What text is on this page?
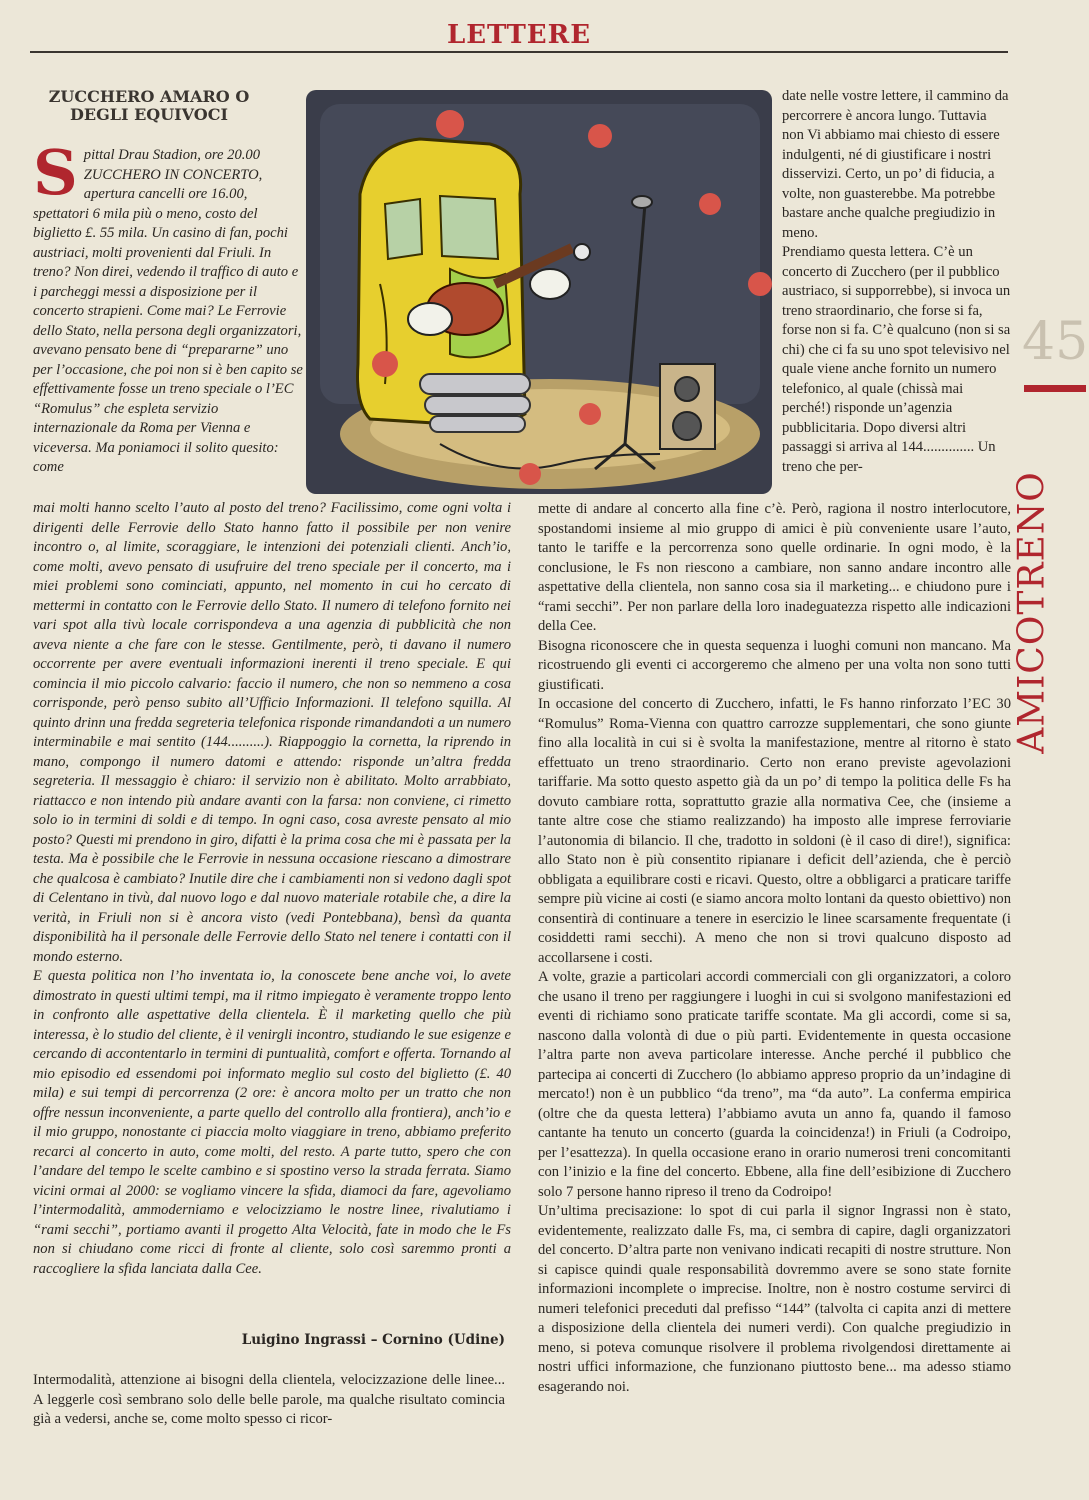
LETTERE
ZUCCHERO AMARO O DEGLI EQUIVOCI
Spittal Drau Stadion, ore 20.00 ZUCCHERO IN CONCERTO, apertura cancelli ore 16.00, spettatori 6 mila più o meno, costo del biglietto £. 55 mila. Un casino di fan, pochi austriaci, molti provenienti dal Friuli. In treno? Non direi, vedendo il traffico di auto e i parcheggi messi a disposizione per il concerto strapieni. Come mai? Le Ferrovie dello Stato, nella persona degli organizzatori, avevano pensato bene di “prepararne” uno per l’occasione, che poi non si è ben capito se effettivamente fosse un treno speciale o l’EC “Romulus” che espleta servizio internazionale da Roma per Vienna e viceversa. Ma poniamoci il solito quesito: come

date nelle vostre lettere, il cammino da percorrere è ancora lungo. Tuttavia non Vi abbiamo mai chiesto di essere indulgenti, né di giustificare i nostri disservizi. Certo, un po’ di fiducia, a volte, non guasterebbe. Ma potrebbe bastare anche qualche pregiudizio in meno.

Prendiamo questa lettera. C’è un concerto di Zucchero (per il pubblico austriaco, si supporrebbe), si invoca un treno straordinario, che forse si fa, forse non si fa. C’è qualcuno (non si sa chi) che ci fa su uno spot televisivo nel quale viene anche fornito un numero telefonico, al quale (chissà mai perché!) risponde un’agenzia pubblicitaria. Dopo diversi altri passaggi si arriva al 144.............. Un treno che per-

mai molti hanno scelto l’auto al posto del treno? Facilissimo, come ogni volta i dirigenti delle Ferrovie dello Stato hanno fatto il possibile per non venire incontro o, al limite, scoraggiare, le intenzioni dei potenziali clienti. Anch’io, come molti, avevo pensato di usufruire del treno speciale per il concerto, ma i miei problemi sono cominciati, appunto, nel momento in cui ho cercato di mettermi in contatto con le Ferrovie dello Stato. Il numero di telefono fornito nei vari spot alla tivù locale corrispondeva a una agenzia di pubblicità che non aveva niente a che fare con le stesse. Gentilmente, però, ti davano il numero occorrente per avere eventuali informazioni inerenti il treno speciale. E qui comincia il mio piccolo calvario: faccio il numero, che non so nemmeno a cosa corrisponde, però penso subito all’Ufficio Informazioni. Il telefono squilla. Al quinto drinn una fredda segreteria telefonica risponde rimandandoti a un numero interminabile e mai sentito (144..........). Riappoggio la cornetta, la riprendo in mano, compongo il numero datomi e attendo: risponde un’altra fredda segreteria. Il messaggio è chiaro: il servizio non è abilitato. Molto arrabbiato, riattacco e non intendo più andare avanti con la farsa: non conviene, ci rimetto solo io in termini di soldi e di tempo. In ogni caso, cosa avreste pensato al mio posto? Questi mi prendono in giro, difatti è la prima cosa che mi è passata per la testa. Ma è possibile che le Ferrovie in nessuna occasione riescano a dimostrare che qualcosa è cambiato? Inutile dire che i cambiamenti non si vedono dagli spot di Celentano in tivù, dal nuovo logo e dal nuovo materiale rotabile che, a dire la verità, in Friuli non si è ancora visto (vedi Pontebbana), bensì da quanta disponibilità ha il personale delle Ferrovie dello Stato nel tenere i contatti con il mondo esterno.

E questa politica non l’ho inventata io, la conoscete bene anche voi, lo avete dimostrato in questi ultimi tempi, ma il ritmo impiegato è veramente troppo lento in confronto alle aspettative della clientela. È il marketing quello che più interessa, è lo studio del cliente, è il venirgli incontro, studiando le sue esigenze e cercando di accontentarlo in termini di puntualità, comfort e offerta. Tornando al mio episodio ed essendomi poi informato meglio sul costo del biglietto (£. 40 mila) e sui tempi di percorrenza (2 ore: è ancora molto per un tratto che non offre nessun inconveniente, a parte quello del controllo alla frontiera), anch’io e il mio gruppo, nonostante ci piaccia molto viaggiare in treno, abbiamo preferito recarci al concerto in auto, come molti, del resto. A parte tutto, spero che con l’andare del tempo le scelte cambino e si spostino verso la strada ferrata. Siamo vicini ormai al 2000: se vogliamo vincere la sfida, diamoci da fare, agevoliamo l’intermodalità, ammoderniamo e velocizziamo le nostre linee, rivalutiamo i “rami secchi”, portiamo avanti il progetto Alta Velocità, fate in modo che le Fs non si chiudano come ricci di fronte al cliente, solo così saremmo pronti a raccogliere la sfida lanciata dalla Cee.

Luigino Ingrassi – Cornino (Udine)
Intermodalità, attenzione ai bisogni della clientela, velocizzazione delle linee... A leggerle così sembrano solo delle belle parole, ma qualche risultato comincia già a vedersi, anche se, come molto spesso ci ricor-

mette di andare al concerto alla fine c’è. Però, ragiona il nostro interlocutore, spostandomi insieme al mio gruppo di amici è più conveniente usare l’auto, tanto le tariffe e la percorrenza sono quelle ordinarie. In ogni modo, è la conclusione, le Fs non riescono a cambiare, non sanno andare incontro alle aspettative della clientela, non sanno cosa sia il marketing... e chiudono pure i “rami secchi”. Per non parlare della loro inadeguatezza rispetto alle indicazioni della Cee.

Bisogna riconoscere che in questa sequenza i luoghi comuni non mancano. Ma ricostruendo gli eventi ci accorgeremo che almeno per una volta non sono tutti giustificati.

In occasione del concerto di Zucchero, infatti, le Fs hanno rinforzato l’EC 30 “Romulus” Roma-Vienna con quattro carrozze supplementari, che sono giunte fino alla località in cui si è svolta la manifestazione, mentre al ritorno è stato effettuato un treno straordinario. Certo non erano previste agevolazioni tariffarie. Ma sotto questo aspetto già da un po’ di tempo la politica delle Fs ha dovuto cambiare rotta, soprattutto grazie alla normativa Cee, che (insieme a tante altre cose che stiamo realizzando) ha imposto alle imprese ferroviarie l’autonomia di bilancio. Il che, tradotto in soldoni (è il caso di dire!), significa: allo Stato non è più consentito ripianare i deficit dell’azienda, che è perciò obbligata a equilibrare costi e ricavi. Questo, oltre a obbligarci a praticare tariffe sempre più vicine ai costi (e siamo ancora molto lontani da questo obiettivo) non consentirà di continuare a tenere in esercizio le linee scarsamente frequentate (i cosiddetti rami secchi). A meno che non si trovi qualcuno disposto ad accollarsene i costi.

A volte, grazie a particolari accordi commerciali con gli organizzatori, a coloro che usano il treno per raggiungere i luoghi in cui si svolgono manifestazioni ed eventi di richiamo sono praticate tariffe scontate. Ma gli accordi, come si sa, nascono dalla volontà di due o più parti. Evidentemente in questa occasione l’altra parte non aveva particolare interesse. Anche perché il pubblico che partecipa ai concerti di Zucchero (lo abbiamo appreso proprio da un’indagine di mercato!) non è un pubblico “da treno”, ma “da auto”. La conferma empirica (oltre che da questa lettera) l’abbiamo avuta un anno fa, quando il famoso cantante ha tenuto un concerto (guarda la coincidenza!) in Friuli (a Codroipo, per l’esattezza). In quella occasione erano in orario numerosi treni concomitanti con l’inizio e la fine del concerto. Ebbene, alla fine dell’esibizione di Zucchero solo 7 persone hanno ripreso il treno da Codroipo!

Un’ultima precisazione: lo spot di cui parla il signor Ingrassi non è stato, evidentemente, realizzato dalle Fs, ma, ci sembra di capire, dagli organizzatori del concerto. D’altra parte non venivano indicati recapiti di nostre strutture. Non si capisce quindi quale responsabilità dovremmo avere se sono state fornite informazioni incomplete o imprecise. Inoltre, non è nostro costume servirci di numeri telefonici preceduti dal prefisso “144” (talvolta ci capita anzi di mettere a disposizione della clientela dei numeri verdi). Con qualche pregiudizio in meno, si poteva comunque risolvere il problema rivolgendosi direttamente ai nostri uffici informazione, che funzionano piuttosto bene... ma adesso stiamo esagerando noi.

45
AMICOTRENO
